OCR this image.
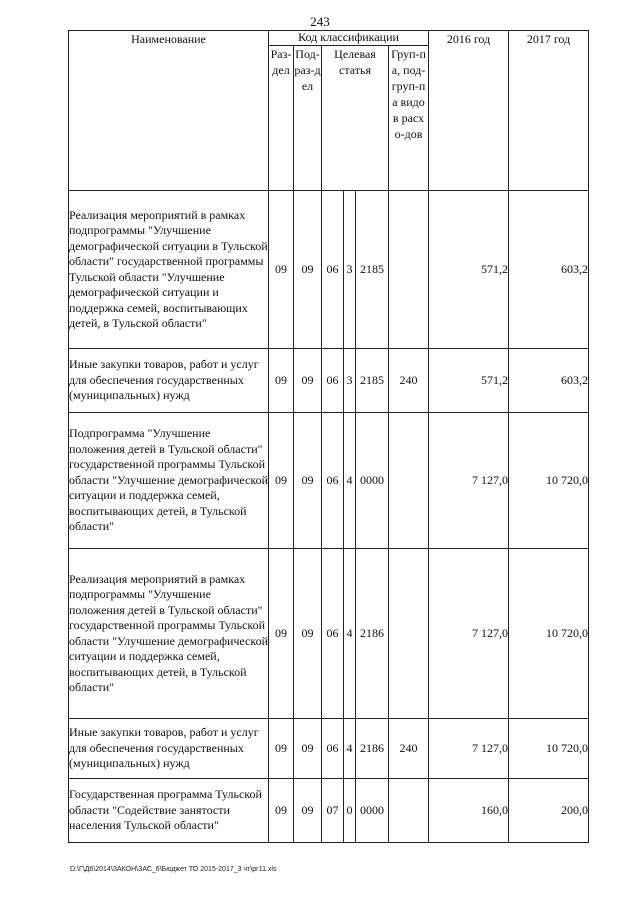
243
Наименование	Код классификации						2016 год	2017 год
	Раз-дел	Под-раз-дел	Целевая статья			Груп-па, под-груп-па видов расхо-дов		
Реализация мероприятий в рамках подпрограммы "Улучшение демографической ситуации в Тульской области" государственной программы Тульской области "Улучшение демографической ситуации и поддержка семей, воспитывающих детей, в Тульской области"	09	09	06	3	2185		571,2	603,2
Иные закупки товаров, работ и услуг для обеспечения государственных (муниципальных) нужд	09	09	06	3	2185	240	571,2	603,2
Подпрограмма "Улучшение положения детей в Тульской области" государственной программы Тульской области "Улучшение демографической ситуации и поддержка семей, воспитывающих детей, в Тульской области"	09	09	06	4	0000		7 127,0	10 720,0
Реализация мероприятий в рамках подпрограммы "Улучшение положения детей в Тульской области" государственной программы Тульской области "Улучшение демографической ситуации и поддержка семей, воспитывающих детей, в Тульской области"	09	09	06	4	2186		7 127,0	10 720,0
Иные закупки товаров, работ и услуг для обеспечения государственных (муниципальных) нужд	09	09	06	4	2186	240	7 127,0	10 720,0
Государственная программа Тульской области "Содействие занятости населения Тульской области"	09	09	07	0	0000		160,0	200,0
D:\Г\Д6\2014\ЗАКОН\ЗАС_6\Бюджет ТО 2015-2017_3 чт\рг11.xls
